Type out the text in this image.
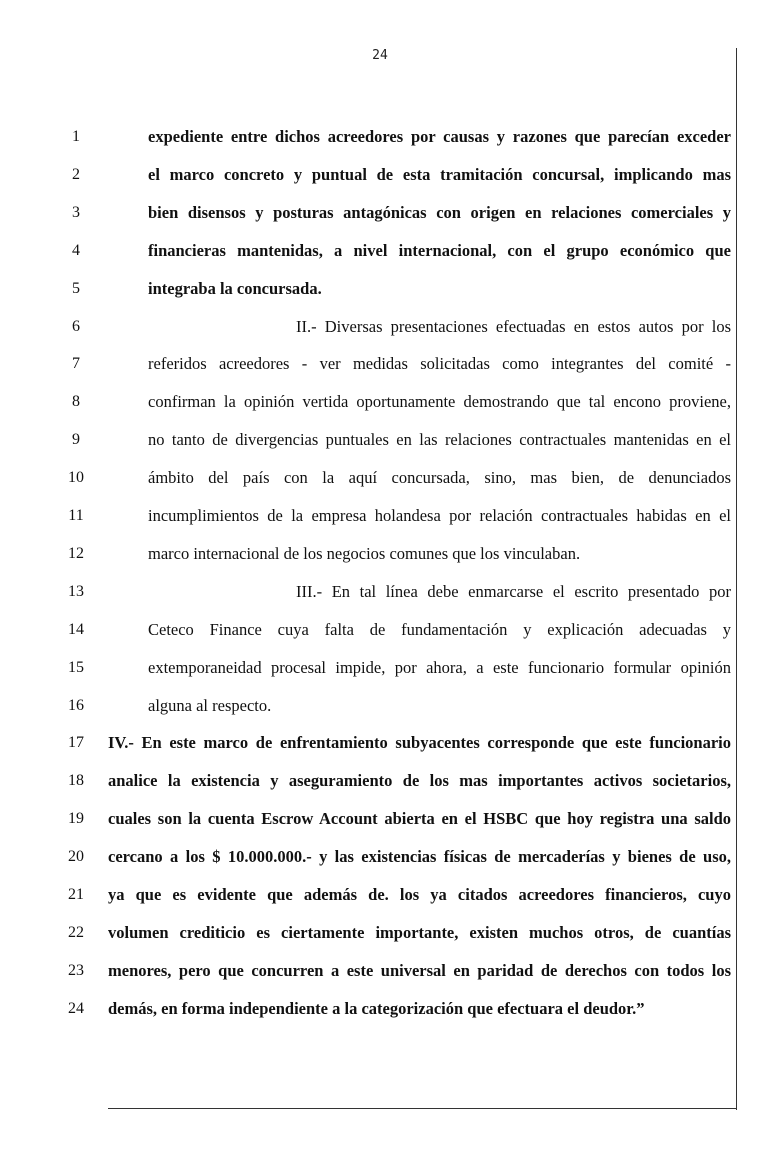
24
1	expediente entre dichos acreedores por causas y razones que parecían exceder
2	el marco concreto y puntual de esta tramitación concursal, implicando mas
3	bien disensos y posturas antagónicas con origen en relaciones comerciales y
4	financieras mantenidas, a nivel internacional, con el grupo económico que
5	integraba la concursada.
6	II.- Diversas presentaciones efectuadas en estos autos por los
7	referidos acreedores - ver medidas solicitadas como integrantes del comité -
8	confirman la opinión vertida oportunamente demostrando que tal encono proviene,
9	no tanto de divergencias puntuales en las relaciones contractuales mantenidas en el
10	ámbito del país con la aquí concursada, sino, mas bien, de denunciados
11	incumplimientos de la empresa holandesa por relación contractuales habidas en el
12	marco internacional de los negocios comunes que los vinculaban.
13	III.- En tal línea debe enmarcarse el escrito presentado por
14	Ceteco Finance cuya falta de fundamentación y explicación adecuadas y
15	extemporaneidad procesal impide, por ahora, a este funcionario formular opinión
16	alguna al respecto.
17	IV.- En este marco de enfrentamiento subyacentes corresponde que este funcionario
18	analice la existencia y aseguramiento de los mas importantes activos societarios,
19	cuales son la cuenta Escrow Account abierta en el HSBC que hoy registra una saldo
20	cercano a los $ 10.000.000.- y las existencias físicas de mercaderías y bienes de uso,
21	ya que es evidente que además de. los ya citados acreedores financieros, cuyo
22	volumen crediticio es ciertamente importante, existen muchos otros, de cuantías
23	menores, pero que concurren a este universal en paridad de derechos con todos los
24	demás, en forma independiente a la categorización que efectuara el deudor.”
